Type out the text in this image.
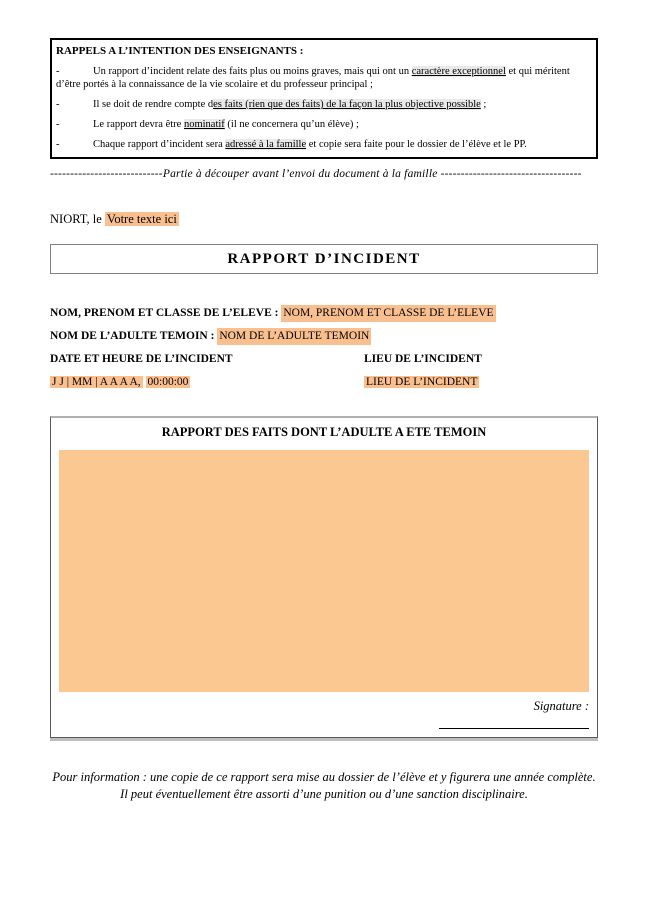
RAPPELS A L’INTENTION DES ENSEIGNANTS :

-	Un rapport d’incident relate des faits plus ou moins graves, mais qui ont un caractère exceptionnel et qui méritent d’être portés à la connaissance de la vie scolaire et du professeur principal ;

-	Il se doit de rendre compte des faits (rien que des faits) de la façon la plus objective possible ;

-	Le rapport devra être nominatif (il ne concernera qu’un élève) ;

-	Chaque rapport d’incident sera adressé à la famille et copie sera faite pour le dossier de l’élève et le PP.

----------------------------Partie à découper avant l’envoi du document à la famille -----------------------------------
NIORT, le Votre texte ici
RAPPORT D’INCIDENT
NOM, PRENOM ET CLASSE DE L’ELEVE :
NOM, PRENOM ET CLASSE DE L’ELEVE
NOM DE L’ADULTE TEMOIN :
NOM DE L’ADULTE TEMOIN
DATE ET HEURE DE L’INCIDENT	LIEU DE L’INCIDENT
J J | MM | A A A A, 00:00:00	LIEU DE L’INCIDENT
RAPPORT DES FAITS DONT L’ADULTE A ETE TEMOIN
Signature :
Pour information : une copie de ce rapport sera mise au dossier de l’élève et y figurera une année complète. Il peut éventuellement être assorti d’une punition ou d’une sanction disciplinaire.
